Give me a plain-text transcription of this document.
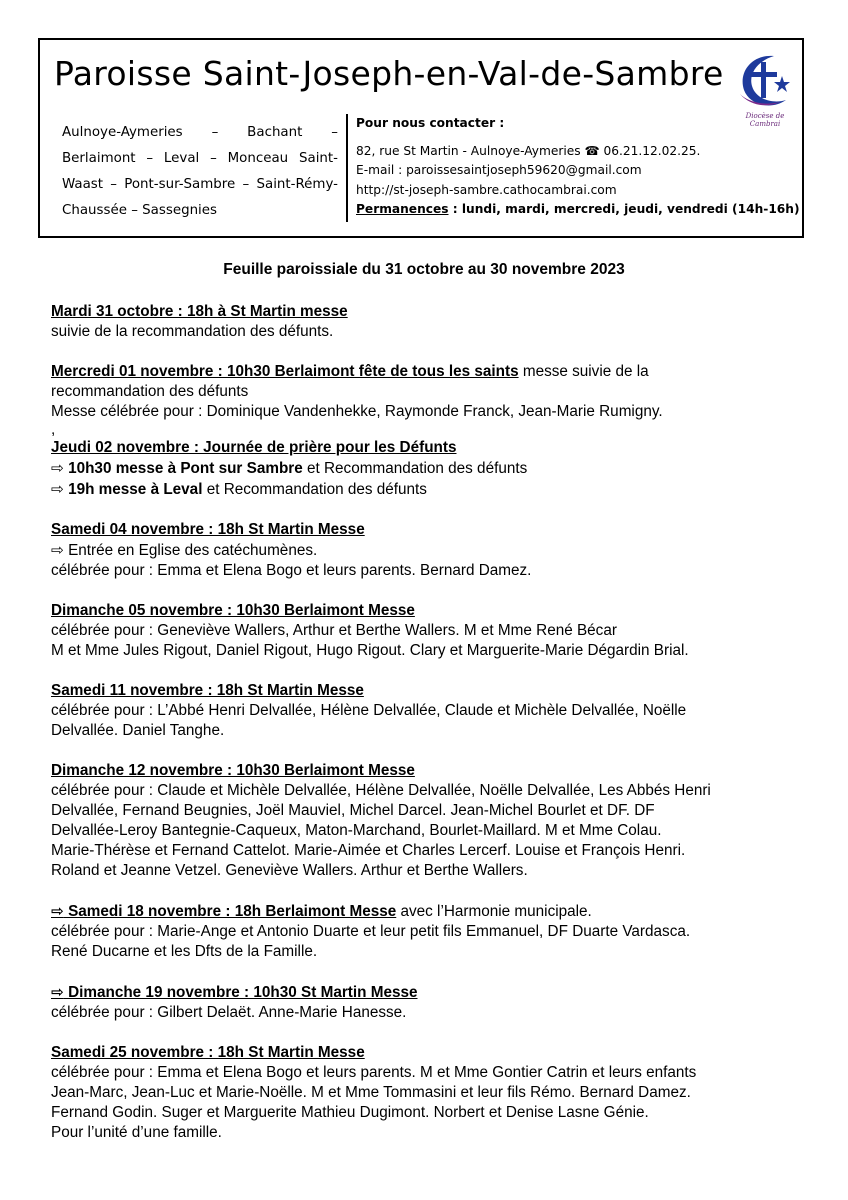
Paroisse Saint-Joseph-en-Val-de-Sambre
Diocèse de Cambrai

Aulnoye-Aymeries – Bachant – Berlaimont – Leval – Monceau Saint-Waast – Pont-sur-Sambre – Saint-Rémy-Chaussée – Sassegnies

Pour nous contacter :
82, rue St Martin - Aulnoye-Aymeries ☎ 06.21.12.02.25.
E-mail : paroissesaintjoseph59620@gmail.com
http://st-joseph-sambre.cathocambrai.com
Permanences : lundi, mardi, mercredi, jeudi, vendredi (14h-16h)
Feuille paroissiale du 31 octobre au 30 novembre 2023

Mardi 31 octobre : 18h à St Martin messe

suivie de la recommandation des défunts.

Mercredi 01 novembre : 10h30 Berlaimont fête de tous les saints messe suivie de la

recommandation des défunts

Messe célébrée pour : Dominique Vandenhekke, Raymonde Franck, Jean-Marie Rumigny.

,

Jeudi 02 novembre : Journée de prière pour les Défunts

⇨ 10h30 messe à Pont sur Sambre et Recommandation des défunts

⇨ 19h messe à Leval et Recommandation des défunts

Samedi 04 novembre : 18h St Martin Messe

⇨ Entrée en Eglise des catéchumènes.

célébrée pour : Emma et Elena Bogo et leurs parents. Bernard Damez.

Dimanche 05 novembre : 10h30 Berlaimont Messe

célébrée pour : Geneviève Wallers, Arthur et Berthe Wallers. M et Mme René Bécar

M et Mme Jules Rigout, Daniel Rigout, Hugo Rigout. Clary et Marguerite-Marie Dégardin Brial.

Samedi 11 novembre : 18h St Martin Messe

célébrée pour : L’Abbé Henri Delvallée, Hélène Delvallée, Claude et Michèle Delvallée, Noëlle

Delvallée. Daniel Tanghe.

Dimanche 12 novembre : 10h30 Berlaimont Messe

célébrée pour : Claude et Michèle Delvallée, Hélène Delvallée, Noëlle Delvallée, Les Abbés Henri

Delvallée, Fernand Beugnies, Joël Mauviel, Michel Darcel. Jean-Michel Bourlet et DF. DF

Delvallée-Leroy Bantegnie-Caqueux, Maton-Marchand, Bourlet-Maillard. M et Mme Colau.

Marie-Thérèse et Fernand Cattelot. Marie-Aimée et Charles Lercerf. Louise et François Henri.

Roland et Jeanne Vetzel. Geneviève Wallers. Arthur et Berthe Wallers.

⇨ Samedi 18 novembre : 18h Berlaimont Messe avec l’Harmonie municipale.

célébrée pour : Marie-Ange et Antonio Duarte et leur petit fils Emmanuel, DF Duarte Vardasca.

René Ducarne et les Dfts de la Famille.

⇨ Dimanche 19 novembre : 10h30 St Martin Messe

célébrée pour : Gilbert Delaët. Anne-Marie Hanesse.

Samedi 25 novembre : 18h St Martin Messe

célébrée pour : Emma et Elena Bogo et leurs parents. M et Mme Gontier Catrin et leurs enfants

Jean-Marc, Jean-Luc et Marie-Noëlle. M et Mme Tommasini et leur fils Rémo. Bernard Damez.

Fernand Godin. Suger et Marguerite Mathieu Dugimont. Norbert et Denise Lasne Génie.

Pour l’unité d’une famille.
